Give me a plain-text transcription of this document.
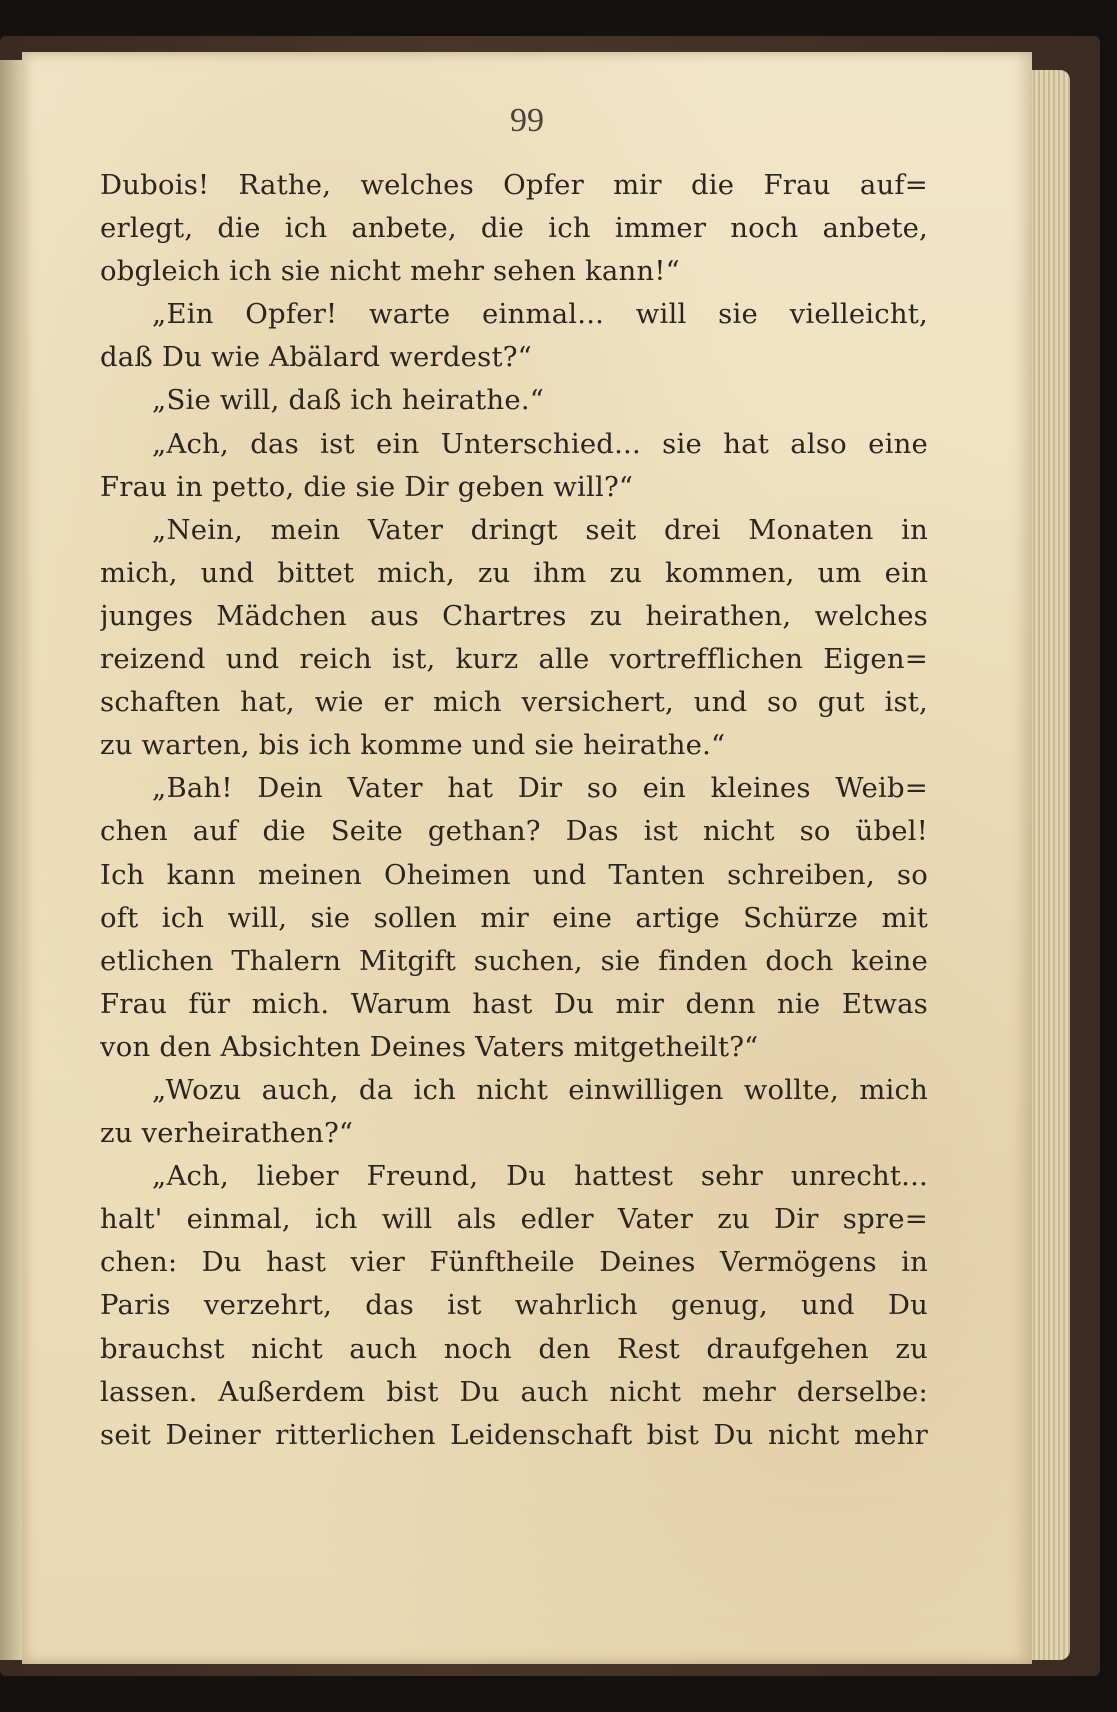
99
Dubois! Rathe, welches Opfer mir die Frau auf=
erlegt, die ich anbete, die ich immer noch anbete,
obgleich ich sie nicht mehr sehen kann!“
„Ein Opfer! warte einmal... will sie vielleicht,
daß Du wie Abälard werdest?“
„Sie will, daß ich heirathe.“
„Ach, das ist ein Unterschied... sie hat also eine
Frau in petto, die sie Dir geben will?“
„Nein, mein Vater dringt seit drei Monaten in
mich, und bittet mich, zu ihm zu kommen, um ein
junges Mädchen aus Chartres zu heirathen, welches
reizend und reich ist, kurz alle vortrefflichen Eigen=
schaften hat, wie er mich versichert, und so gut ist,
zu warten, bis ich komme und sie heirathe.“
„Bah! Dein Vater hat Dir so ein kleines Weib=
chen auf die Seite gethan? Das ist nicht so übel!
Ich kann meinen Oheimen und Tanten schreiben, so
oft ich will, sie sollen mir eine artige Schürze mit
etlichen Thalern Mitgift suchen, sie finden doch keine
Frau für mich. Warum hast Du mir denn nie Etwas
von den Absichten Deines Vaters mitgetheilt?“
„Wozu auch, da ich nicht einwilligen wollte, mich
zu verheirathen?“
„Ach, lieber Freund, Du hattest sehr unrecht...
halt' einmal, ich will als edler Vater zu Dir spre=
chen: Du hast vier Fünftheile Deines Vermögens in
Paris verzehrt, das ist wahrlich genug, und Du
brauchst nicht auch noch den Rest draufgehen zu
lassen. Außerdem bist Du auch nicht mehr derselbe:
seit Deiner ritterlichen Leidenschaft bist Du nicht mehr
